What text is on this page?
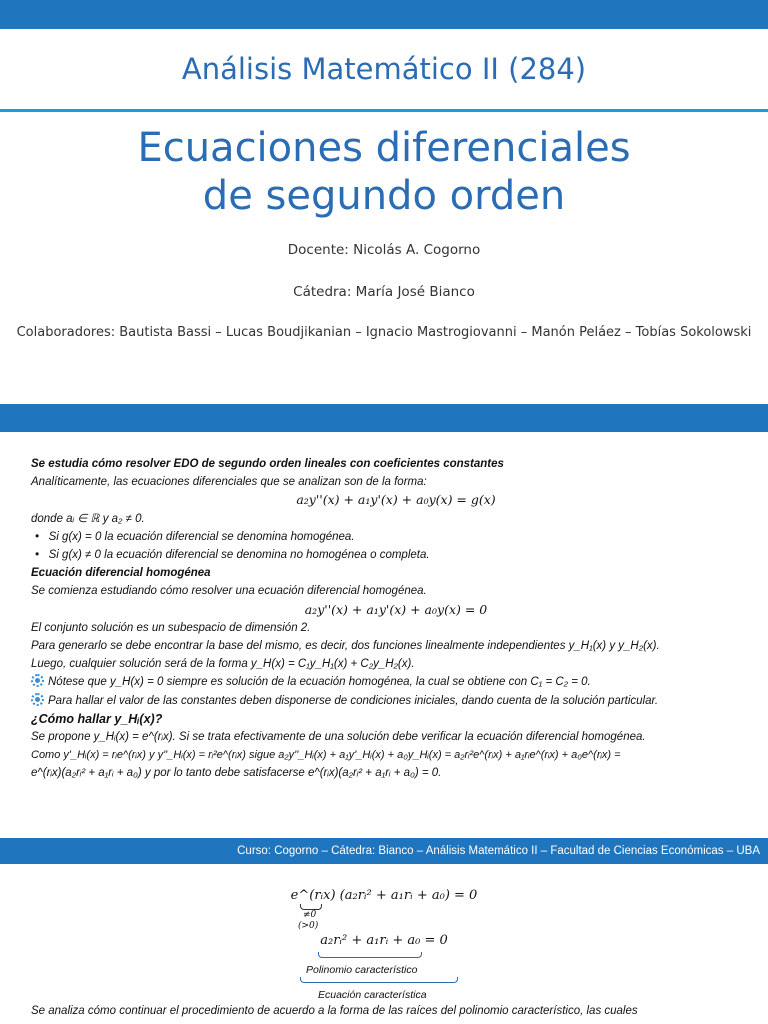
Análisis Matemático II (284)
Ecuaciones diferenciales
de segundo orden
Docente: Nicolás A. Cogorno
Cátedra: María José Bianco
Colaboradores: Bautista Bassi – Lucas Boudjikanian – Ignacio Mastrogiovanni – Manón Peláez – Tobías Sokolowski

Se estudia cómo resolver EDO de segundo orden lineales con coeficientes constantes

Analíticamente, las ecuaciones diferenciales que se analizan son de la forma:

a₂y''(x) + a₁y'(x) + a₀y(x) = g(x)

donde aᵢ ∈ ℝ y a₂ ≠ 0.

•   Si g(x) = 0 la ecuación diferencial se denomina homogénea.

•   Si g(x) ≠ 0 la ecuación diferencial se denomina no homogénea o completa.

Ecuación diferencial homogénea

Se comienza estudiando cómo resolver una ecuación diferencial homogénea.

a₂y''(x) + a₁y'(x) + a₀y(x) = 0

El conjunto solución es un subespacio de dimensión 2.

Para generarlo se debe encontrar la base del mismo, es decir, dos funciones linealmente independientes y_H₁(x) y y_H₂(x).

Luego, cualquier solución será de la forma y_H(x) = C₁y_H₁(x) + C₂y_H₂(x).

Nótese que y_H(x) = 0 siempre es solución de la ecuación homogénea, la cual se obtiene con C₁ = C₂ = 0.

Para hallar el valor de las constantes deben disponerse de condiciones iniciales, dando cuenta de la solución particular.

¿Cómo hallar y_Hᵢ(x)?

Se propone y_Hᵢ(x) = e^(rᵢx). Si se trata efectivamente de una solución debe verificar la ecuación diferencial homogénea.

Como y'_Hᵢ(x) = rᵢe^(rᵢx) y y''_Hᵢ(x) = rᵢ²e^(rᵢx) sigue a₂y''_Hᵢ(x) + a₁y'_Hᵢ(x) + a₀y_Hᵢ(x) = a₂rᵢ²e^(rᵢx) + a₁rᵢe^(rᵢx) + a₀e^(rᵢx) =

e^(rᵢx)(a₂rᵢ² + a₁rᵢ + a₀) y por lo tanto debe satisfacerse e^(rᵢx)(a₂rᵢ² + a₁rᵢ + a₀) = 0.

Curso: Cogorno – Cátedra: Bianco – Análisis Matemático II – Facultad de Ciencias Económicas – UBA
e^(rᵢx) (a₂rᵢ² + a₁rᵢ + a₀) = 0
≠0
(>0)
a₂rᵢ² + a₁rᵢ + a₀ = 0
Polinomio característico
Ecuación característica
Se analiza cómo continuar el procedimiento de acuerdo a la forma de las raíces del polinomio característico, las cuales
